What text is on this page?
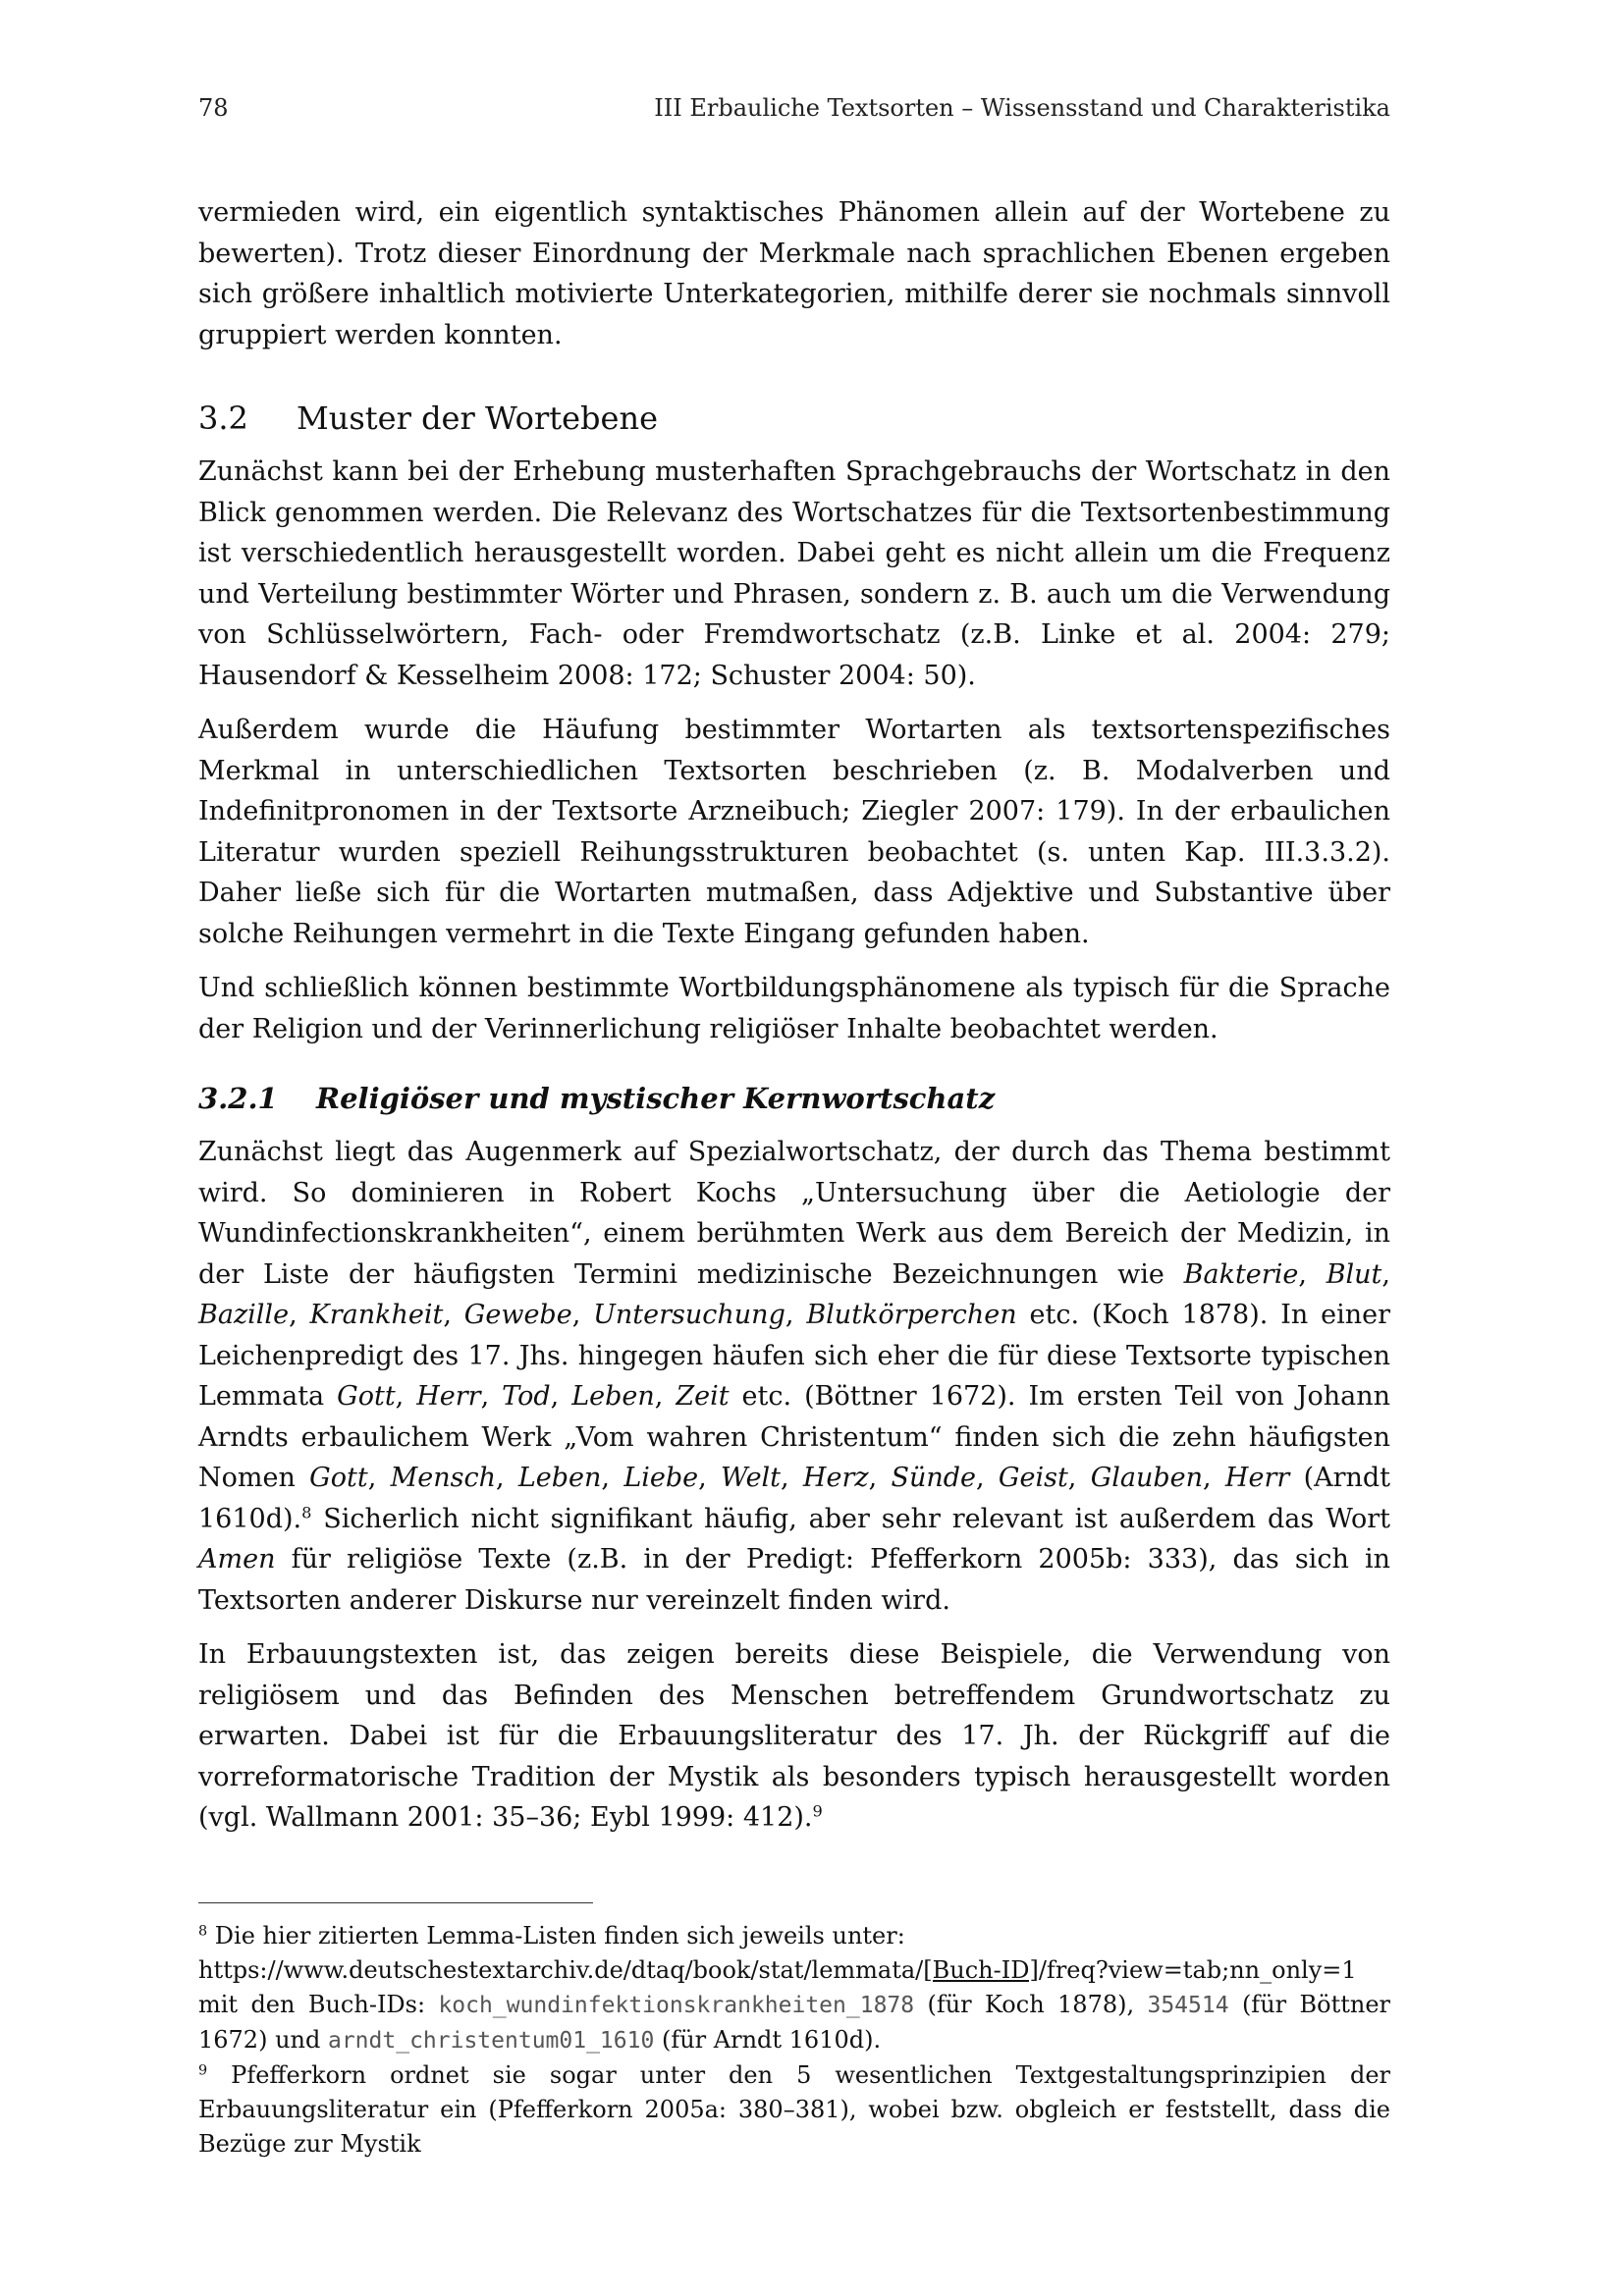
78	III Erbauliche Textsorten – Wissensstand und Charakteristika

vermieden wird, ein eigentlich syntaktisches Phänomen allein auf der Wortebene zu bewerten). Trotz dieser Einordnung der Merkmale nach sprachlichen Ebenen ergeben sich größere inhaltlich motivierte Unterkategorien, mithilfe derer sie nochmals sinnvoll gruppiert werden konnten.

3.2	Muster der Wortebene

Zunächst kann bei der Erhebung musterhaften Sprachgebrauchs der Wortschatz in den Blick genommen werden. Die Relevanz des Wortschatzes für die Textsortenbestimmung ist verschiedentlich herausgestellt worden. Dabei geht es nicht allein um die Frequenz und Verteilung bestimmter Wörter und Phrasen, sondern z. B. auch um die Verwendung von Schlüsselwörtern, Fach- oder Fremdwortschatz (z.B. Linke et al. 2004: 279; Hausendorf & Kesselheim 2008: 172; Schuster 2004: 50).

Außerdem wurde die Häufung bestimmter Wortarten als textsortenspezifisches Merkmal in unterschiedlichen Textsorten beschrieben (z. B. Modalverben und Indefinitpronomen in der Textsorte Arzneibuch; Ziegler 2007: 179). In der erbaulichen Literatur wurden speziell Reihungsstrukturen beobachtet (s. unten Kap. III.3.3.2). Daher ließe sich für die Wortarten mutmaßen, dass Adjektive und Substantive über solche Reihungen vermehrt in die Texte Eingang gefunden haben.

Und schließlich können bestimmte Wortbildungsphänomene als typisch für die Sprache der Religion und der Verinnerlichung religiöser Inhalte beobachtet werden.

3.2.1	Religiöser und mystischer Kernwortschatz

Zunächst liegt das Augenmerk auf Spezialwortschatz, der durch das Thema bestimmt wird. So dominieren in Robert Kochs „Untersuchung über die Aetiologie der Wundinfectionskrankheiten“, einem berühmten Werk aus dem Bereich der Medizin, in der Liste der häufigsten Termini medizinische Bezeichnungen wie Bakterie, Blut, Bazille, Krankheit, Gewebe, Untersuchung, Blutkörperchen etc. (Koch 1878). In einer Leichenpredigt des 17. Jhs. hingegen häufen sich eher die für diese Textsorte typischen Lemmata Gott, Herr, Tod, Leben, Zeit etc. (Böttner 1672). Im ersten Teil von Johann Arndts erbaulichem Werk „Vom wahren Christentum“ finden sich die zehn häufigsten Nomen Gott, Mensch, Leben, Liebe, Welt, Herz, Sünde, Geist, Glauben, Herr (Arndt 1610d).$^8$ Sicherlich nicht signifikant häufig, aber sehr relevant ist außerdem das Wort Amen für religiöse Texte (z.B. in der Predigt: Pfefferkorn 2005b: 333), das sich in Textsorten anderer Diskurse nur vereinzelt finden wird.

In Erbauungstexten ist, das zeigen bereits diese Beispiele, die Verwendung von religiösem und das Befinden des Menschen betreffendem Grundwortschatz zu erwarten. Dabei ist für die Erbauungsliteratur des 17. Jh. der Rückgriff auf die vorreformatorische Tradition der Mystik als besonders typisch herausgestellt worden (vgl. Wallmann 2001: 35–36; Eybl 1999: 412).$^9$

$^8$ Die hier zitierten Lemma-Listen finden sich jeweils unter:
https://www.deutschestextarchiv.de/dtaq/book/stat/lemmata/[Buch-ID]/freq?view=tab;nn_only=1 mit den Buch-IDs: koch_wundinfektionskrankheiten_1878 (für Koch 1878), 354514 (für Böttner 1672) und arndt_christentum01_1610 (für Arndt 1610d).

$^9$ Pfefferkorn ordnet sie sogar unter den 5 wesentlichen Textgestaltungsprinzipien der Erbauungsliteratur ein (Pfefferkorn 2005a: 380–381), wobei bzw. obgleich er feststellt, dass die Bezüge zur Mystik
